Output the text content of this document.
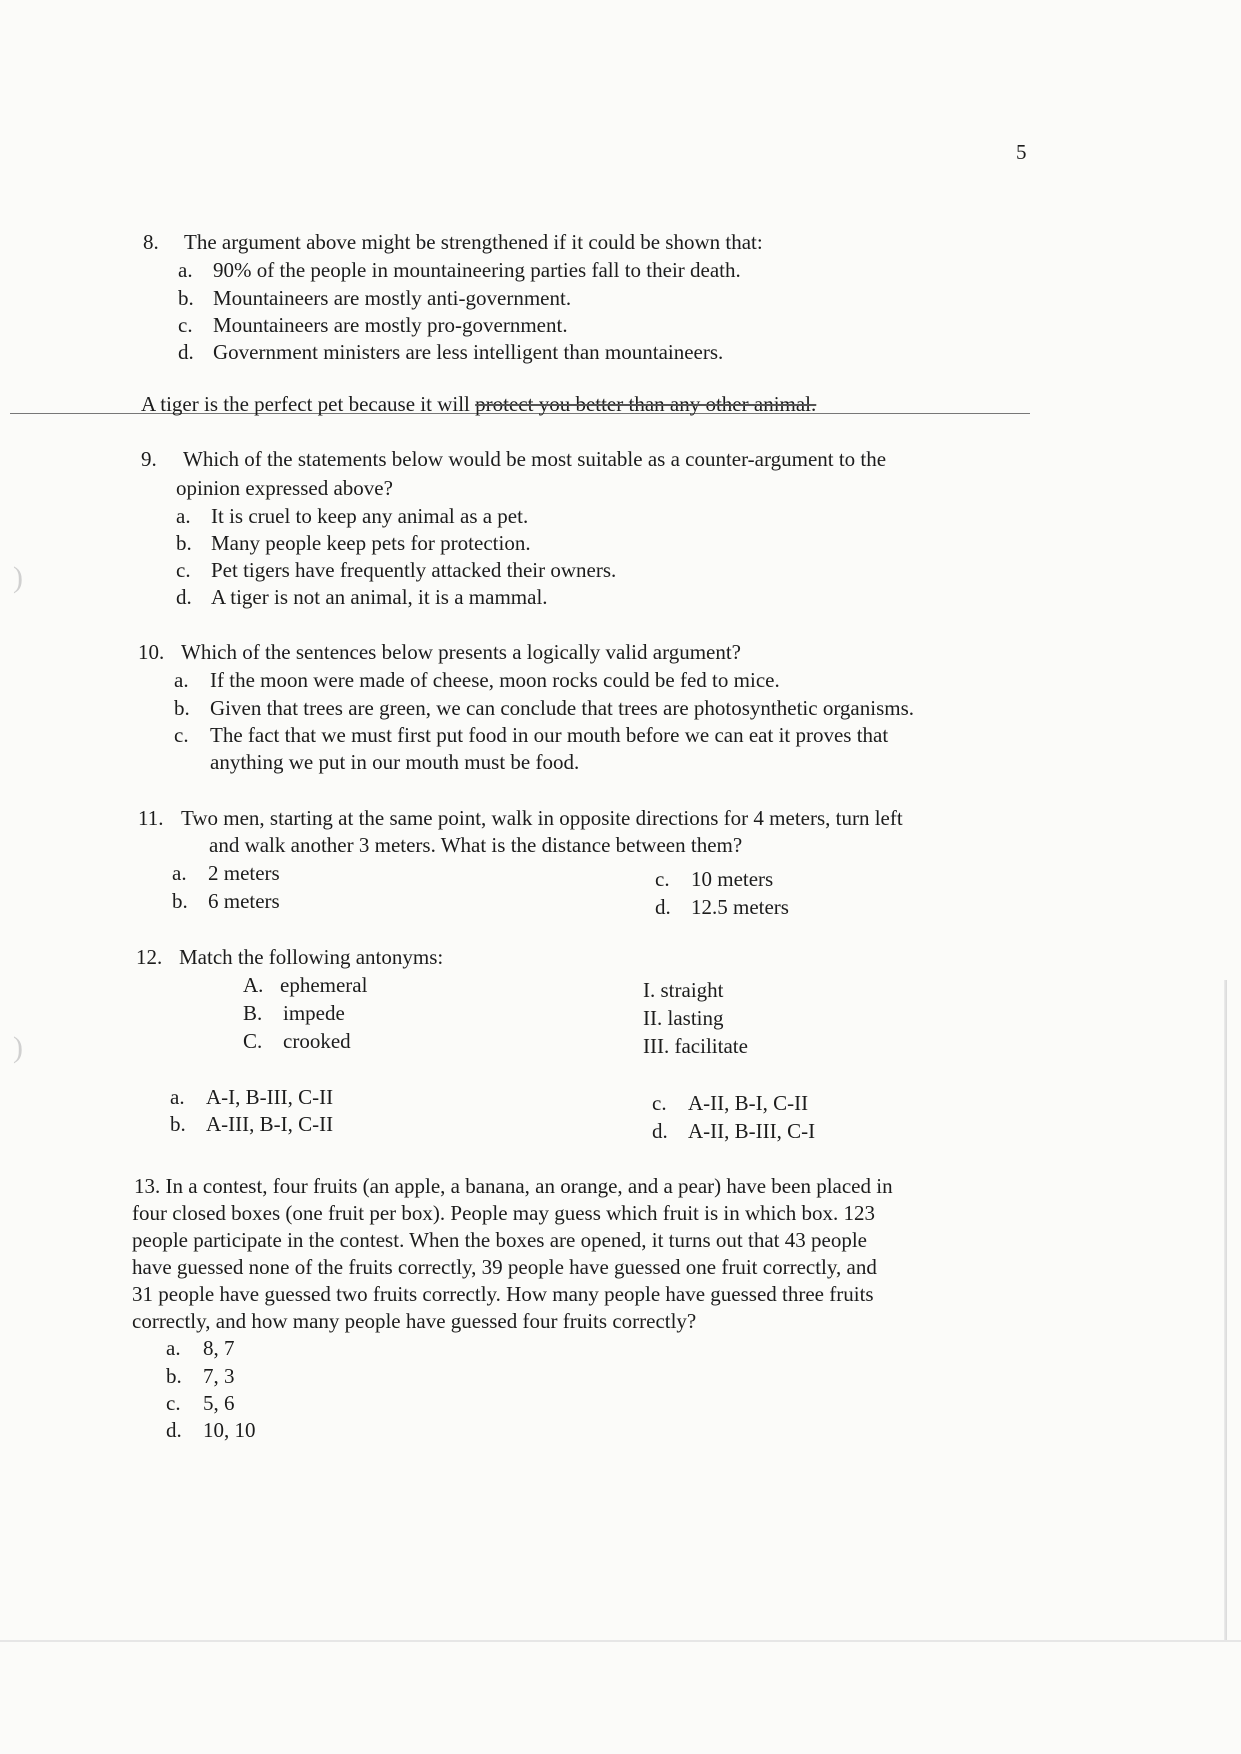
)
)
5
8. The argument above might be strengthened if it could be shown that:
a. 90% of the people in mountaineering parties fall to their death.
b. Mountaineers are mostly anti-government.
c. Mountaineers are mostly pro-government.
d. Government ministers are less intelligent than mountaineers.
A tiger is the perfect pet because it will protect you better than any other animal.
9. Which of the statements below would be most suitable as a counter-argument to the
opinion expressed above?
a. It is cruel to keep any animal as a pet.
b. Many people keep pets for protection.
c. Pet tigers have frequently attacked their owners.
d. A tiger is not an animal, it is a mammal.
10. Which of the sentences below presents a logically valid argument?
a. If the moon were made of cheese, moon rocks could be fed to mice.
b. Given that trees are green, we can conclude that trees are photosynthetic organisms.
c. The fact that we must first put food in our mouth before we can eat it proves that
anything we put in our mouth must be food.
11. Two men, starting at the same point, walk in opposite directions for 4 meters, turn left
and walk another 3 meters. What is the distance between them?
a. 2 meters
b. 6 meters
c. 10 meters
d. 12.5 meters
12. Match the following antonyms:
A. ephemeral
B. impede
C. crooked
I. straight
II. lasting
III. facilitate
a. A-I, B-III, C-II
b. A-III, B-I, C-II
c. A-II, B-I, C-II
d. A-II, B-III, C-I
13. In a contest, four fruits (an apple, a banana, an orange, and a pear) have been placed in
four closed boxes (one fruit per box). People may guess which fruit is in which box. 123
people participate in the contest. When the boxes are opened, it turns out that 43 people
have guessed none of the fruits correctly, 39 people have guessed one fruit correctly, and
31 people have guessed two fruits correctly. How many people have guessed three fruits
correctly, and how many people have guessed four fruits correctly?
a. 8, 7
b. 7, 3
c. 5, 6
d. 10, 10
